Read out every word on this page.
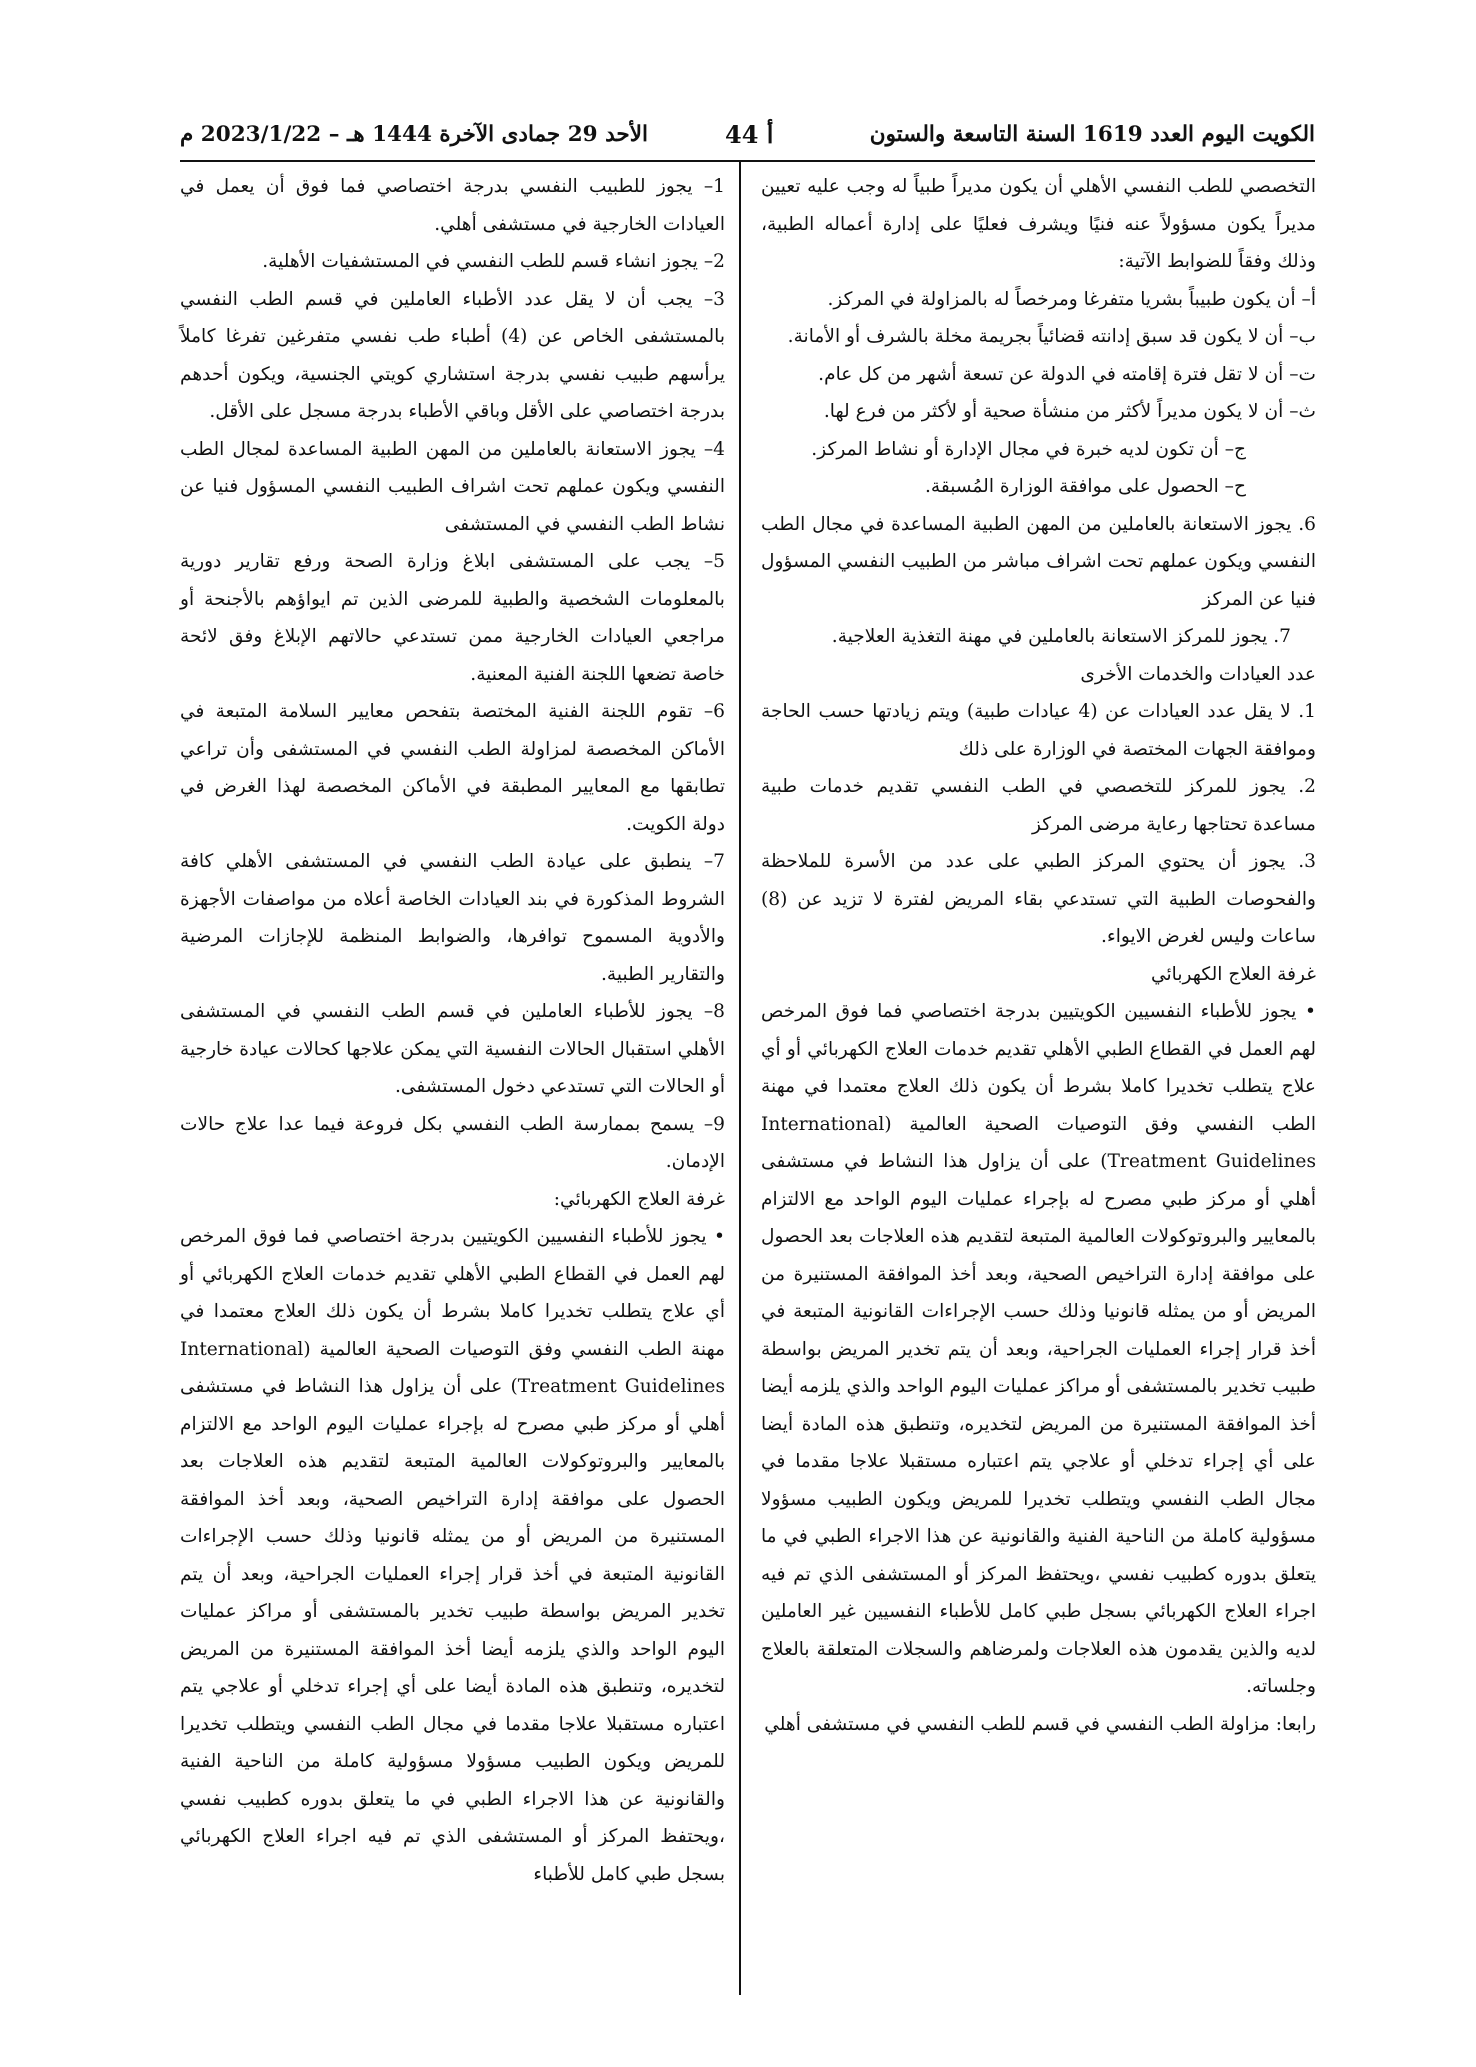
الكويت اليوم العدد 1619 السنة التاسعة والستون
أ 44
الأحد 29 جمادى الآخرة 1444 هـ – 2023/1/22 م

التخصصي للطب النفسي الأهلي أن يكون مديراً طبياً له وجب عليه تعيين مديراً يكون مسؤولاً عنه فنيًا ويشرف فعليًا على إدارة أعماله الطبية، وذلك وفقاً للضوابط الآتية:

أ– أن يكون طبيباً بشريا متفرغا ومرخصاً له بالمزاولة في المركز.

ب– أن لا يكون قد سبق إدانته قضائياً بجريمة مخلة بالشرف أو الأمانة.

ت– أن لا تقل فترة إقامته في الدولة عن تسعة أشهر من كل عام.

ث– أن لا يكون مديراً لأكثر من منشأة صحية أو لأكثر من فرع لها.

ج– أن تكون لديه خبرة في مجال الإدارة أو نشاط المركز.

ح– الحصول على موافقة الوزارة المُسبقة.

6. يجوز الاستعانة بالعاملين من المهن الطبية المساعدة في مجال الطب النفسي ويكون عملهم تحت اشراف مباشر من الطبيب النفسي المسؤول فنيا عن المركز

7. يجوز للمركز الاستعانة بالعاملين في مهنة التغذية العلاجية.

عدد العيادات والخدمات الأخرى

1. لا يقل عدد العيادات عن (4 عيادات طبية) ويتم زيادتها حسب الحاجة وموافقة الجهات المختصة في الوزارة على ذلك

2. يجوز للمركز للتخصصي في الطب النفسي تقديم خدمات طبية مساعدة تحتاجها رعاية مرضى المركز

3. يجوز أن يحتوي المركز الطبي على عدد من الأسرة للملاحظة والفحوصات الطبية التي تستدعي بقاء المريض لفترة لا تزيد عن (8) ساعات وليس لغرض الايواء.

غرفة العلاج الكهربائي

• يجوز للأطباء النفسيين الكويتيين بدرجة اختصاصي فما فوق المرخص لهم العمل في القطاع الطبي الأهلي تقديم خدمات العلاج الكهربائي أو أي علاج يتطلب تخديرا كاملا بشرط أن يكون ذلك العلاج معتمدا في مهنة الطب النفسي وفق التوصيات الصحية العالمية (International Treatment Guidelines) على أن يزاول هذا النشاط في مستشفى أهلي أو مركز طبي مصرح له بإجراء عمليات اليوم الواحد مع الالتزام بالمعايير والبروتوكولات العالمية المتبعة لتقديم هذه العلاجات بعد الحصول على موافقة إدارة التراخيص الصحية، وبعد أخذ الموافقة المستنيرة من المريض أو من يمثله قانونيا وذلك حسب الإجراءات القانونية المتبعة في أخذ قرار إجراء العمليات الجراحية، وبعد أن يتم تخدير المريض بواسطة طبيب تخدير بالمستشفى أو مراكز عمليات اليوم الواحد والذي يلزمه أيضا أخذ الموافقة المستنيرة من المريض لتخديره، وتنطبق هذه المادة أيضا على أي إجراء تدخلي أو علاجي يتم اعتباره مستقبلا علاجا مقدما في مجال الطب النفسي ويتطلب تخديرا للمريض ويكون الطبيب مسؤولا مسؤولية كاملة من الناحية الفنية والقانونية عن هذا الاجراء الطبي في ما يتعلق بدوره كطبيب نفسي ،ويحتفظ المركز أو المستشفى الذي تم فيه اجراء العلاج الكهربائي بسجل طبي كامل للأطباء النفسيين غير العاملين لديه والذين يقدمون هذه العلاجات ولمرضاهم والسجلات المتعلقة بالعلاج وجلساته.

رابعا: مزاولة الطب النفسي في قسم للطب النفسي في مستشفى أهلي

1– يجوز للطبيب النفسي بدرجة اختصاصي فما فوق أن يعمل في العيادات الخارجية في مستشفى أهلي.

2– يجوز انشاء قسم للطب النفسي في المستشفيات الأهلية.

3– يجب أن لا يقل عدد الأطباء العاملين في قسم الطب النفسي بالمستشفى الخاص عن (4) أطباء طب نفسي متفرغين تفرغا كاملاً يرأسهم طبيب نفسي بدرجة استشاري كويتي الجنسية، ويكون أحدهم بدرجة اختصاصي على الأقل وباقي الأطباء بدرجة مسجل على الأقل.

4– يجوز الاستعانة بالعاملين من المهن الطبية المساعدة لمجال الطب النفسي ويكون عملهم تحت اشراف الطبيب النفسي المسؤول فنيا عن نشاط الطب النفسي في المستشفى

5– يجب على المستشفى ابلاغ وزارة الصحة ورفع تقارير دورية بالمعلومات الشخصية والطبية للمرضى الذين تم ايواؤهم بالأجنحة أو مراجعي العيادات الخارجية ممن تستدعي حالاتهم الإبلاغ وفق لائحة خاصة تضعها اللجنة الفنية المعنية.

6– تقوم اللجنة الفنية المختصة بتفحص معايير السلامة المتبعة في الأماكن المخصصة لمزاولة الطب النفسي في المستشفى وأن تراعي تطابقها مع المعايير المطبقة في الأماكن المخصصة لهذا الغرض في دولة الكويت.

7– ينطبق على عيادة الطب النفسي في المستشفى الأهلي كافة الشروط المذكورة في بند العيادات الخاصة أعلاه من مواصفات الأجهزة والأدوية المسموح توافرها، والضوابط المنظمة للإجازات المرضية والتقارير الطبية.

8– يجوز للأطباء العاملين في قسم الطب النفسي في المستشفى الأهلي استقبال الحالات النفسية التي يمكن علاجها كحالات عيادة خارجية أو الحالات التي تستدعي دخول المستشفى.

9– يسمح بممارسة الطب النفسي بكل فروعة فيما عدا علاج حالات الإدمان.

غرفة العلاج الكهربائي:

• يجوز للأطباء النفسيين الكويتيين بدرجة اختصاصي فما فوق المرخص لهم العمل في القطاع الطبي الأهلي تقديم خدمات العلاج الكهربائي أو أي علاج يتطلب تخديرا كاملا بشرط أن يكون ذلك العلاج معتمدا في مهنة الطب النفسي وفق التوصيات الصحية العالمية (International Treatment Guidelines) على أن يزاول هذا النشاط في مستشفى أهلي أو مركز طبي مصرح له بإجراء عمليات اليوم الواحد مع الالتزام بالمعايير والبروتوكولات العالمية المتبعة لتقديم هذه العلاجات بعد الحصول على موافقة إدارة التراخيص الصحية، وبعد أخذ الموافقة المستنيرة من المريض أو من يمثله قانونيا وذلك حسب الإجراءات القانونية المتبعة في أخذ قرار إجراء العمليات الجراحية، وبعد أن يتم تخدير المريض بواسطة طبيب تخدير بالمستشفى أو مراكز عمليات اليوم الواحد والذي يلزمه أيضا أخذ الموافقة المستنيرة من المريض لتخديره، وتنطبق هذه المادة أيضا على أي إجراء تدخلي أو علاجي يتم اعتباره مستقبلا علاجا مقدما في مجال الطب النفسي ويتطلب تخديرا للمريض ويكون الطبيب مسؤولا مسؤولية كاملة من الناحية الفنية والقانونية عن هذا الاجراء الطبي في ما يتعلق بدوره كطبيب نفسي ،ويحتفظ المركز أو المستشفى الذي تم فيه اجراء العلاج الكهربائي بسجل طبي كامل للأطباء
